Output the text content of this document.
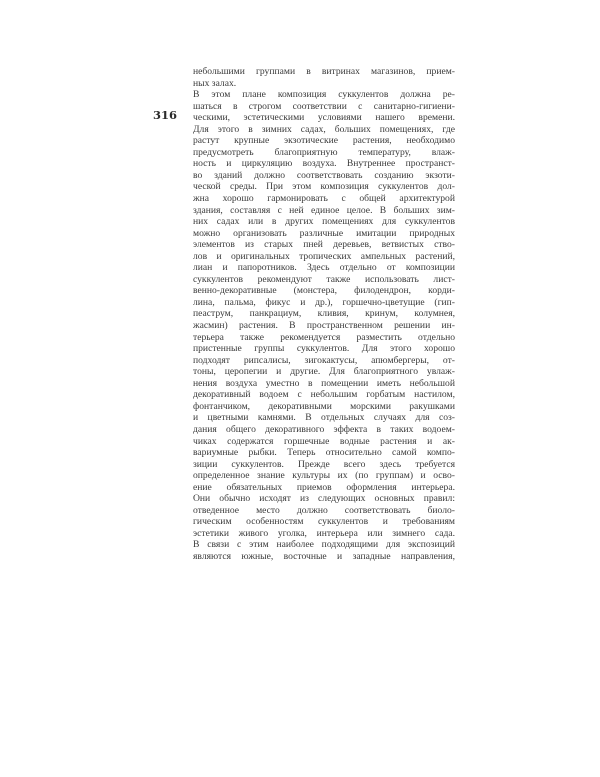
316
небольшими группами в витринах магазинов, прием-
ных залах.
В этом плане композиция суккулентов должна ре-
шаться в строгом соответствии с санитарно-гигиени-
ческими, эстетическими условиями нашего времени.
Для этого в зимних садах, больших помещениях, где
растут крупные экзотические растения, необходимо
предусмотреть благоприятную температуру, влаж-
ность и циркуляцию воздуха. Внутреннее пространст-
во зданий должно соответствовать созданию экзоти-
ческой среды. При этом композиция суккулентов дол-
жна хорошо гармонировать с общей архитектурой
здания, составляя с ней единое целое. В больших зим-
них садах или в других помещениях для суккулентов
можно организовать различные имитации природных
элементов из старых пней деревьев, ветвистых ство-
лов и оригинальных тропических ампельных растений,
лиан и папоротников. Здесь отдельно от композиции
суккулентов рекомендуют также использовать лист-
венно-декоративные (монстера, филодендрон, корди-
лина, пальма, фикус и др.), горшечно-цветущие (гип-
пеаструм, панкрациум, кливия, кринум, колумнея,
жасмин) растения. В пространственном решении ин-
терьера также рекомендуется разместить отдельно
пристенные группы суккулентов. Для этого хорошо
подходят рипсалисы, зигокактусы, апюмбергеры, от-
тоны, церопегии и другие. Для благоприятного увлаж-
нения воздуха уместно в помещении иметь небольшой
декоративный водоем с небольшим горбатым настилом,
фонтанчиком, декоративными морскими ракушками
и цветными камнями. В отдельных случаях для соз-
дания общего декоративного эффекта в таких водоем-
чиках содержатся горшечные водные растения и ак-
вариумные рыбки. Теперь относительно самой компо-
зиции суккулентов. Прежде всего здесь требуется
определенное знание культуры их (по группам) и осво-
ение обязательных приемов оформления интерьера.
Они обычно исходят из следующих основных правил:
отведенное место должно соответствовать биоло-
гическим особенностям суккулентов и требованиям
эстетики живого уголка, интерьера или зимнего сада.
В связи с этим наиболее подходящими для экспозиций
являются южные, восточные и западные направления,
